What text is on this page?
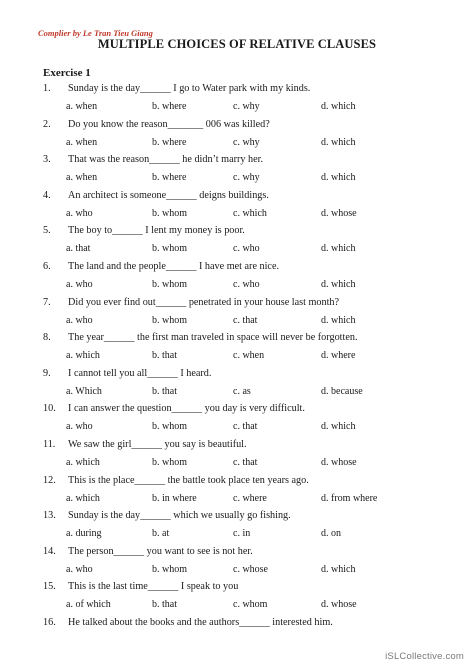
Complier by Le Tran Tieu Giang
MULTIPLE CHOICES OF RELATIVE CLAUSES
Exercise 1
1. Sunday is the day______ I go to Water park with my kinds.
a. when	b. where	c. why	d. which
2. Do you know the reason_______ 006 was killed?
a. when	b. where	c. why	d. which
3. That was the reason______ he didn’t marry her.
a. when	b. where	c. why	d. which
4. An architect is someone______ deigns buildings.
a. who	b. whom	c. which	d. whose
5. The boy to______ I lent my money is poor.
a. that	b. whom	c. who	d. which
6. The land and the people______ I have met are nice.
a. who	b. whom	c. who	d. which
7. Did you ever find out______ penetrated in your house last month?
a. who	b. whom	c. that	d. which
8. The year______ the first man traveled in space will never be forgotten.
a. which	b. that	c. when	d. where
9. I cannot tell you all______ I heard.
a. Which	b. that	c. as	d. because
10. I can answer the question______ you day is very difficult.
a. who	b. whom	c. that	d. which
11. We saw the girl______ you say is beautiful.
a. which	b. whom	c. that	d. whose
12. This is the place______ the battle took place ten years ago.
a. which	b. in where	c. where	d. from where
13. Sunday is the day______ which we usually go fishing.
a. during	b. at	c. in	d. on
14. The person______ you want to see is not her.
a. who	b. whom	c. whose	d. which
15. This is the last time______ I speak to you
a. of which	b. that	c. whom	d. whose
16. He talked about the books and the authors______ interested him.
iSLCollective.com
